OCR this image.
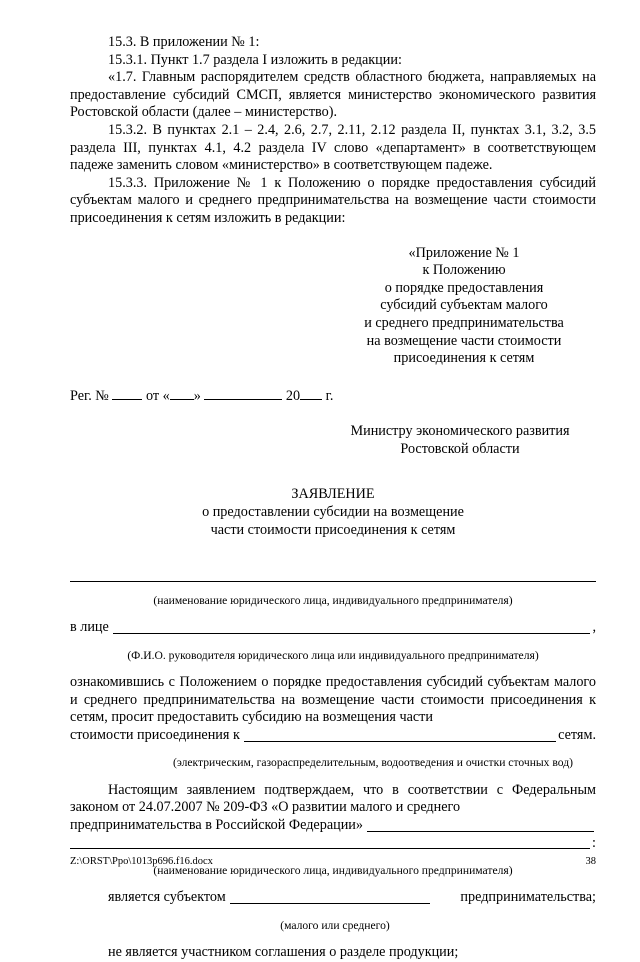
15.3. В приложении № 1:

15.3.1. Пункт 1.7 раздела I изложить в редакции:

«1.7. Главным распорядителем средств областного бюджета, направляемых на предоставление субсидий СМСП, является министерство экономического развития Ростовской области (далее – министерство).

15.3.2. В пунктах 2.1 – 2.4, 2.6, 2.7, 2.11, 2.12 раздела II, пунктах 3.1, 3.2, 3.5 раздела III, пунктах 4.1, 4.2 раздела IV слово «департамент» в соответствующем падеже заменить словом «министерство» в соответствующем падеже.

15.3.3. Приложение № 1 к Положению о порядке предоставления субсидий субъектам малого и среднего предпринимательства на возмещение части стоимости присоединения к сетям изложить в редакции:

«Приложение № 1

к Положению

о порядке предоставления

субсидий субъектам малого

и среднего предпринимательства

на возмещение части стоимости

присоединения к сетям

Рег. №	от « »	20 г.

Министру экономического развития

Ростовской области

ЗАЯВЛЕНИЕ

о предоставлении субсидии на возмещение

части стоимости присоединения к сетям

(наименование юридического лица, индивидуального предпринимателя)

в лице	,

(Ф.И.О. руководителя юридического лица или индивидуального предпринимателя)

ознакомившись с Положением о порядке предоставления субсидий субъектам малого и среднего предпринимательства на возмещение части стоимости присоединения к сетям, просит предоставить субсидию на возмещения части

стоимости присоединения к	сетям.

(электрическим, газораспределительным, водоотведения и очистки сточных вод)

Настоящим заявлением подтверждаем, что в соответствии с Федеральным законом от 24.07.2007 № 209-ФЗ «О развитии малого и среднего

предпринимательства в Российской Федерации»
:

(наименование юридического лица, индивидуального предпринимателя)

является субъектом	предпринимательства;

(малого или среднего)

не является участником соглашения о разделе продукции;

Z:\ORST\Ppo\1013p696.f16.docx	38
